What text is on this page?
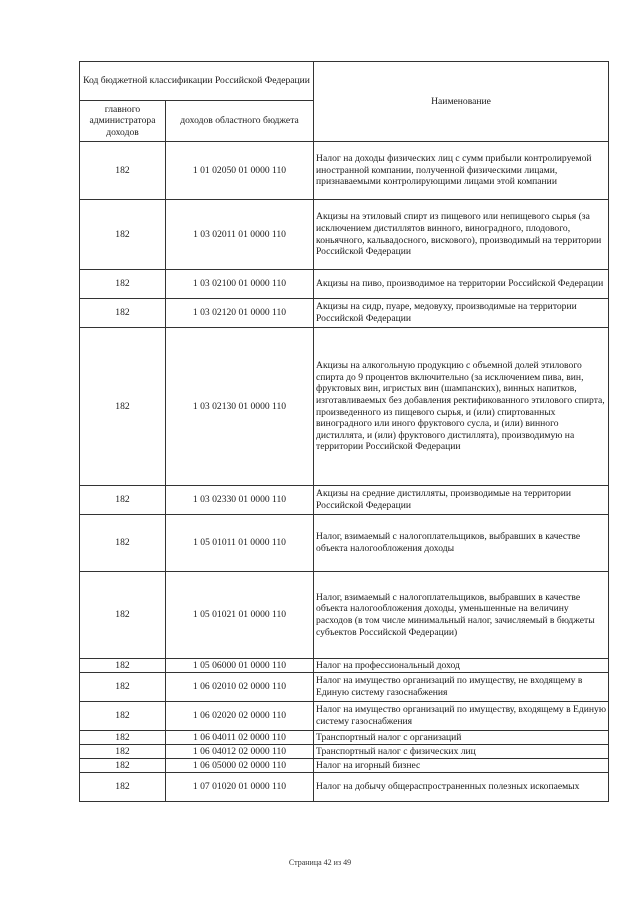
Код бюджетной классификации Российской Федерации		Наименование
главного администратора доходов	доходов областного бюджета	
182	1 01 02050 01 0000 110	Налог на доходы физических лиц с сумм прибыли контролируемой иностранной компании, полученной физическими лицами, признаваемыми контролирующими лицами этой компании
182	1 03 02011 01 0000 110	Акцизы на этиловый спирт из пищевого или непищевого сырья (за исключением дистиллятов винного, виноградного, плодового, коньячного, кальвадосного, вискового), производимый на территории Российской Федерации
182	1 03 02100 01 0000 110	Акцизы на пиво, производимое на территории Российской Федерации
182	1 03 02120 01 0000 110	Акцизы на сидр, пуаре, медовуху, производимые на территории Российской Федерации
182	1 03 02130 01 0000 110	Акцизы на алкогольную продукцию с объемной долей этилового спирта до 9 процентов включительно (за исключением пива, вин, фруктовых вин, игристых вин (шампанских), винных напитков, изготавливаемых без добавления ректификованного этилового спирта, произведенного из пищевого сырья, и (или) спиртованных виноградного или иного фруктового сусла, и (или) винного дистиллята, и (или) фруктового дистиллята), производимую на территории Российской Федерации
182	1 03 02330 01 0000 110	Акцизы на средние дистилляты, производимые на территории Российской Федерации
182	1 05 01011 01 0000 110	Налог, взимаемый с налогоплательщиков, выбравших в качестве объекта налогообложения доходы
182	1 05 01021 01 0000 110	Налог, взимаемый с налогоплательщиков, выбравших в качестве объекта налогообложения доходы, уменьшенные на величину расходов (в том числе минимальный налог, зачисляемый в бюджеты субъектов Российской Федерации)
182	1 05 06000 01 0000 110	Налог на профессиональный доход
182	1 06 02010 02 0000 110	Налог на имущество организаций по имуществу, не входящему в Единую систему газоснабжения
182	1 06 02020 02 0000 110	Налог на имущество организаций по имуществу, входящему в Единую систему газоснабжения
182	1 06 04011 02 0000 110	Транспортный налог с организаций
182	1 06 04012 02 0000 110	Транспортный налог с физических лиц
182	1 06 05000 02 0000 110	Налог на игорный бизнес
182	1 07 01020 01 0000 110	Налог на добычу общераспространенных полезных ископаемых
Страница 42 из 49
